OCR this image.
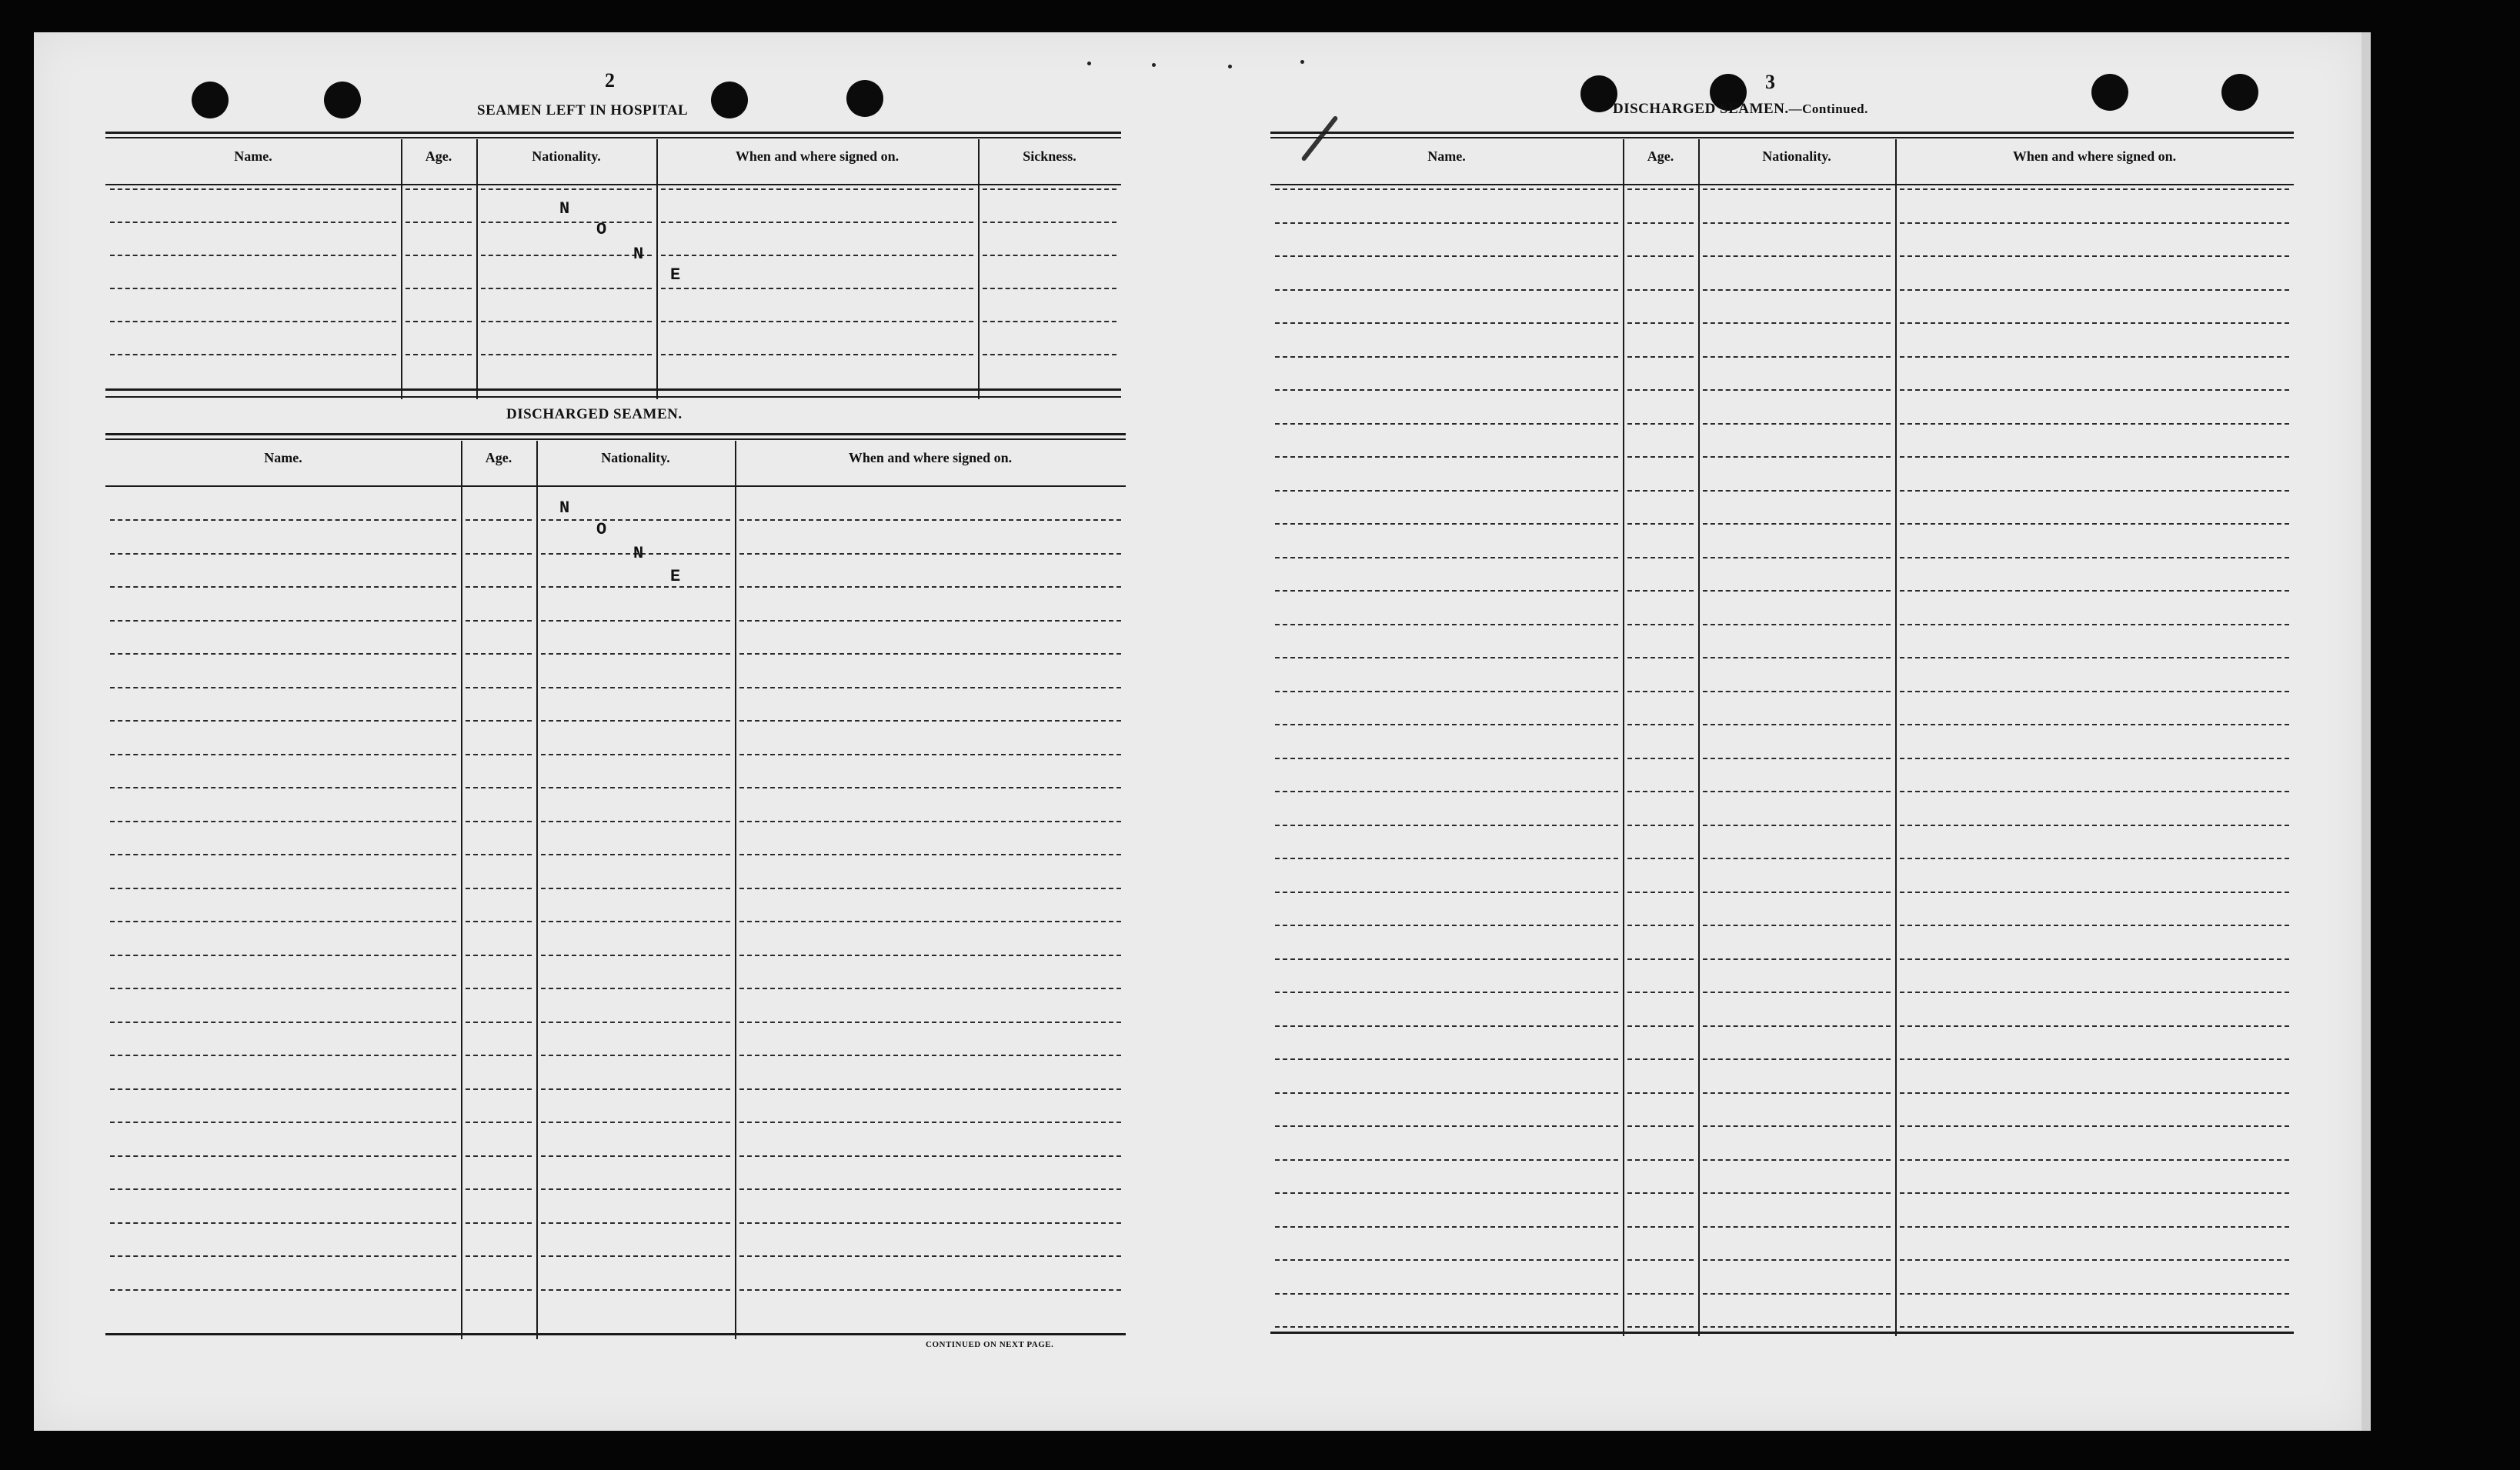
2
SEAMEN LEFT IN HOSPITAL
Name.	Age.	Nationality.	When and where signed on.	Sickness.
N
O
N
E
DISCHARGED SEAMEN.
Name.	Age.	Nationality.	When and where signed on.
N
O
N
E
CONTINUED ON NEXT PAGE.
3
DISCHARGED SEAMEN.—Continued.
Name.	Age.	Nationality.	When and where signed on.
